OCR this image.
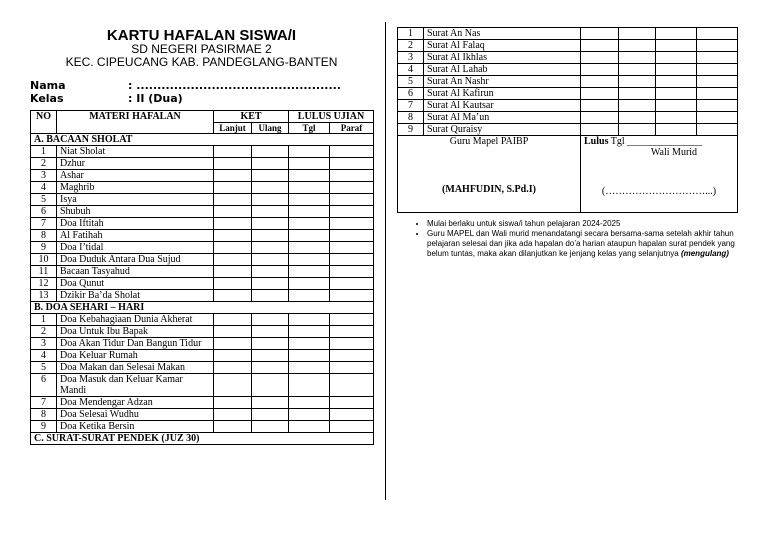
KARTU HAFALAN SISWA/I
SD NEGERI PASIRMAE 2
KEC. CIPEUCANG KAB. PANDEGLANG-BANTEN
Nama	: .................................................
Kelas	: II (Dua)
NO	MATERI HAFALAN	KET		LULUS UJIAN	
		Lanjut	Ulang	Tgl	Paraf
A. BACAAN SHOLAT					
1	Niat Sholat				
2	Dzhur				
3	Ashar				
4	Maghrib				
5	Isya				
6	Shubuh				
7	Doa Iftitah				
8	Al Fatihah				
9	Doa I’tidal				
10	Doa Duduk Antara Dua Sujud				
11	Bacaan Tasyahud				
12	Doa Qunut				
13	Dzikir Ba’da Sholat				
B. DOA SEHARI – HARI					
1	Doa Kebahagiaan Dunia Akherat				
2	Doa Untuk Ibu Bapak				
3	Doa Akan Tidur Dan Bangun Tidur				
4	Doa Keluar Rumah				
5	Doa Makan dan Selesai Makan				
6	Doa Masuk dan Keluar Kamar Mandi				
7	Doa Mendengar Adzan				
8	Doa Selesai Wudhu				
9	Doa Ketika Bersin				
C. SURAT-SURAT PENDEK (JUZ 30)					
1	Surat An Nas				
2	Surat Al Falaq				
3	Surat Al Ikhlas				
4	Surat Al Lahab				
5	Surat An Nashr				
6	Surat Al Kafirun				
7	Surat Al Kautsar				
8	Surat Al Ma’un				
9	Surat Quraisy				

Guru Mapel PAIBP
(MAHFUDIN, S.Pd.I)		Lulus Tgl _______________
Wali Murid
(…………………………...)			
• Mulai berlaku untuk siswa/i tahun pelajaran 2024-2025
• Guru MAPEL dan Wali murid menandatangi secara bersama-sama setelah akhir tahun pelajaran selesai dan jika ada hapalan do’a harian ataupun hapalan surat pendek yang belum tuntas, maka akan dilanjutkan ke jenjang kelas yang selanjutnya (mengulang)
